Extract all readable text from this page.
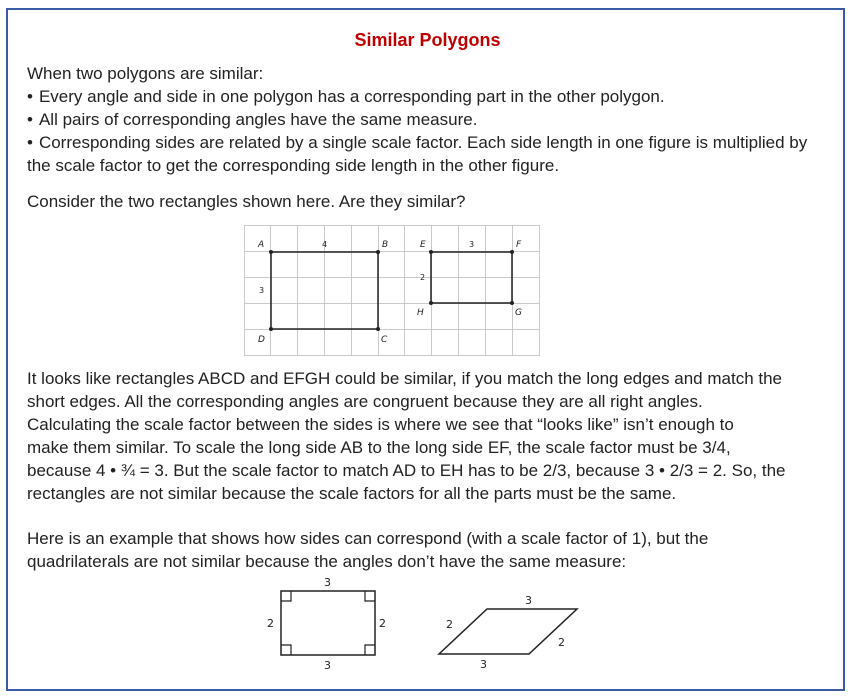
Similar Polygons

When two polygons are similar:

• Every angle and side in one polygon has a corresponding part in the other polygon.

• All pairs of corresponding angles have the same measure.

• Corresponding sides are related by a single scale factor. Each side length in one figure is multiplied by the scale factor to get the corresponding side length in the other figure.

Consider the two rectangles shown here. Are they similar?
A	B
C
D
E	F
G
H
4
3
3
2

It looks like rectangles ABCD and EFGH could be similar, if you match the long edges and match the

short edges. All the corresponding angles are congruent because they are all right angles.

Calculating the scale factor between the sides is where we see that “looks like” isn’t enough to

make them similar. To scale the long side AB to the long side EF, the scale factor must be 3/4,

because 4 • ¾ = 3. But the scale factor to match AD to EH has to be 2/3, because 3 • 2/3 = 2. So, the

rectangles are not similar because the scale factors for all the parts must be the same.

Here is an example that shows how sides can correspond (with a scale factor of 1), but the

quadrilaterals are not similar because the angles don’t have the same measure:

3
3
2	2
3
3
2
2
